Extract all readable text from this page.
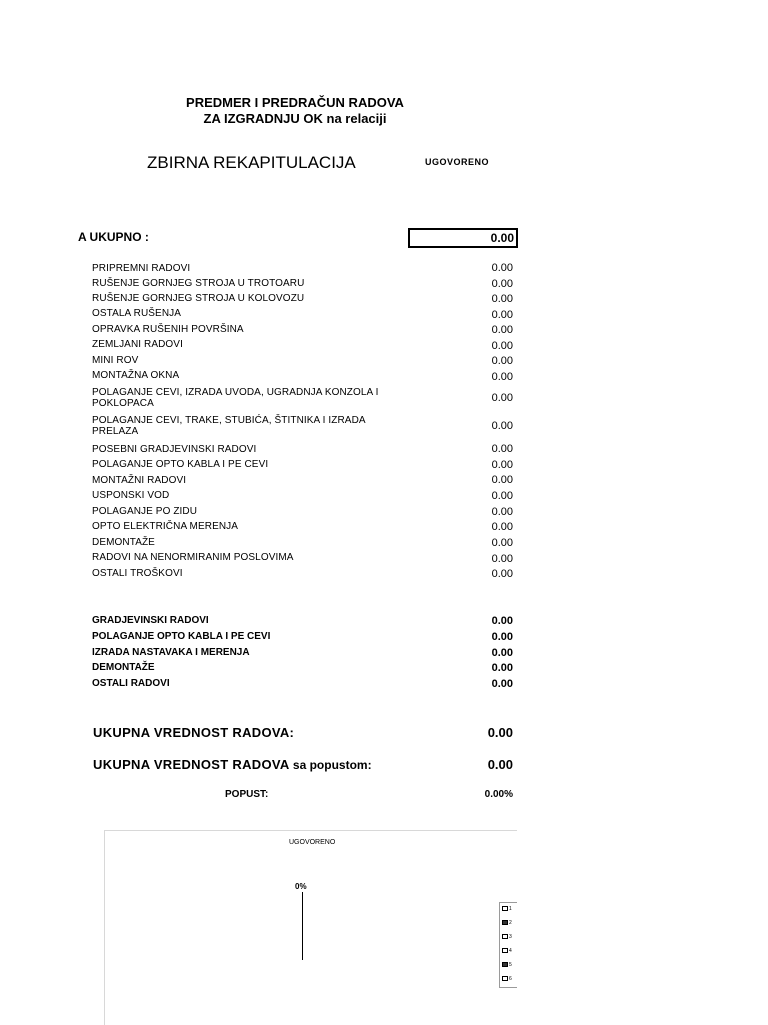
PREDMER I PREDRAČUN RADOVA
ZA IZGRADNJU OK na relaciji
ZBIRNA REKAPITULACIJA	UGOVORENO
A UKUPNO :	0.00
PRIPREMNI RADOVI	0.00
RUŠENJE GORNJEG STROJA U TROTOARU	0.00
RUŠENJE GORNJEG STROJA U KOLOVOZU	0.00
OSTALA RUŠENJA	0.00
OPRAVKA RUŠENIH POVRŠINA	0.00
ZEMLJANI RADOVI	0.00
MINI ROV	0.00
MONTAŽNA OKNA	0.00
POLAGANJE CEVI, IZRADA UVODA, UGRADNJA KONZOLA I POKLOPACA	0.00
POLAGANJE CEVI, TRAKE, STUBIĆA, ŠTITNIKA I IZRADA PRELAZA	0.00
POSEBNI GRADJEVINSKI RADOVI	0.00
POLAGANJE OPTO KABLA I PE CEVI	0.00
MONTAŽNI RADOVI	0.00
USPONSKI VOD	0.00
POLAGANJE PO ZIDU	0.00
OPTO ELEKTRIČNA MERENJA	0.00
DEMONTAŽE	0.00
RADOVI NA NENORMIRANIM POSLOVIMA	0.00
OSTALI TROŠKOVI	0.00
GRADJEVINSKI RADOVI	0.00
POLAGANJE OPTO KABLA I PE CEVI	0.00
IZRADA NASTAVAKA I MERENJA	0.00
DEMONTAŽE	0.00
OSTALI RADOVI	0.00
UKUPNA VREDNOST RADOVA:	0.00
UKUPNA VREDNOST RADOVA sa popustom:	0.00
POPUST:	0.00%
UGOVORENO
0%
1
2
3
4
5
6
